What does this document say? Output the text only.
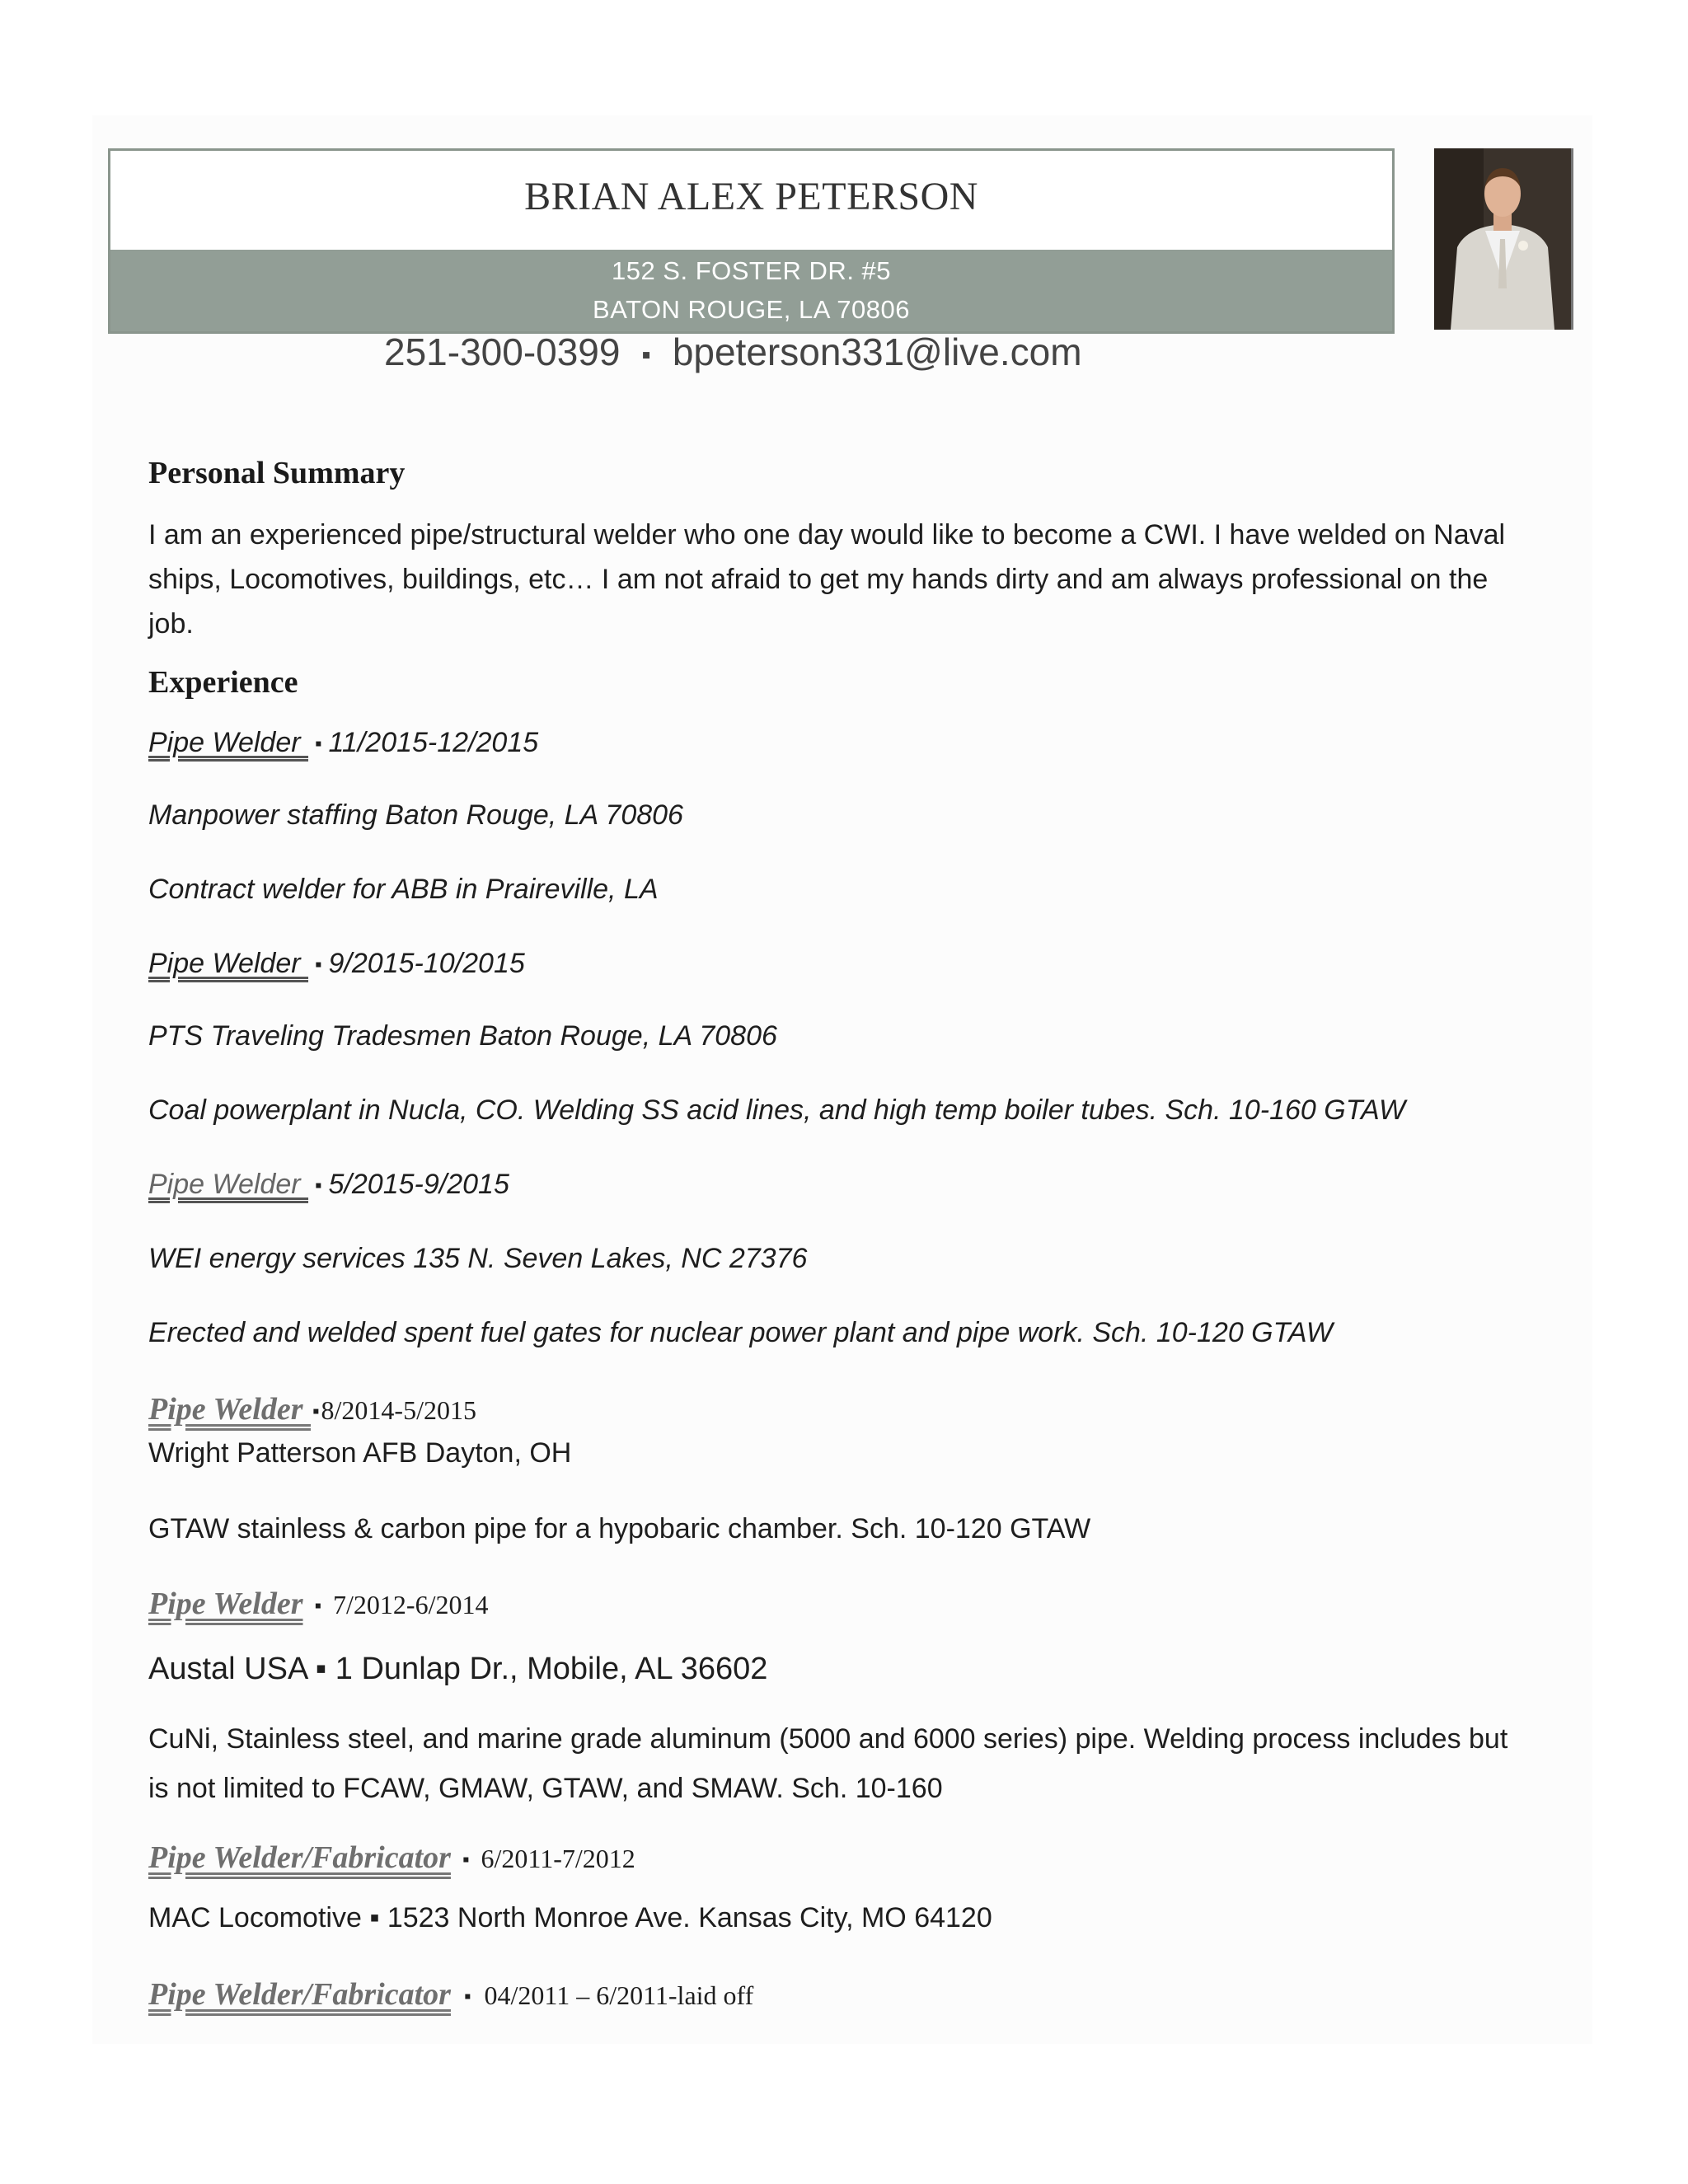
BRIAN ALEX PETERSON
152 S. FOSTER DR. #5
BATON ROUGE, LA 70806
251-300-0399 ▪ bpeterson331@live.com
Personal Summary
I am an experienced pipe/structural welder who one day would like to become a CWI. I have welded on Naval ships, Locomotives, buildings, etc… I am not afraid to get my hands dirty and am always professional on the job.
Experience
Pipe Welder ▪ 11/2015-12/2015
Manpower staffing Baton Rouge, LA 70806
Contract welder for ABB in Praireville, LA
Pipe Welder ▪ 9/2015-10/2015
PTS Traveling Tradesmen Baton Rouge, LA 70806
Coal powerplant in Nucla, CO. Welding SS acid lines, and high temp boiler tubes. Sch. 10-160 GTAW
Pipe Welder ▪ 5/2015-9/2015
WEI energy services 135 N. Seven Lakes, NC 27376
Erected and welded spent fuel gates for nuclear power plant and pipe work. Sch. 10-120 GTAW
Pipe Welder ▪8/2014-5/2015
Wright Patterson AFB Dayton, OH
GTAW stainless & carbon pipe for a hypobaric chamber. Sch. 10-120 GTAW
Pipe Welder ▪ 7/2012-6/2014
Austal USA ▪ 1 Dunlap Dr., Mobile, AL 36602
CuNi, Stainless steel, and marine grade aluminum (5000 and 6000 series) pipe. Welding process includes but is not limited to FCAW, GMAW, GTAW, and SMAW. Sch. 10-160
Pipe Welder/Fabricator ▪ 6/2011-7/2012
MAC Locomotive ▪ 1523 North Monroe Ave. Kansas City, MO 64120
Pipe Welder/Fabricator ▪ 04/2011 – 6/2011-laid off
